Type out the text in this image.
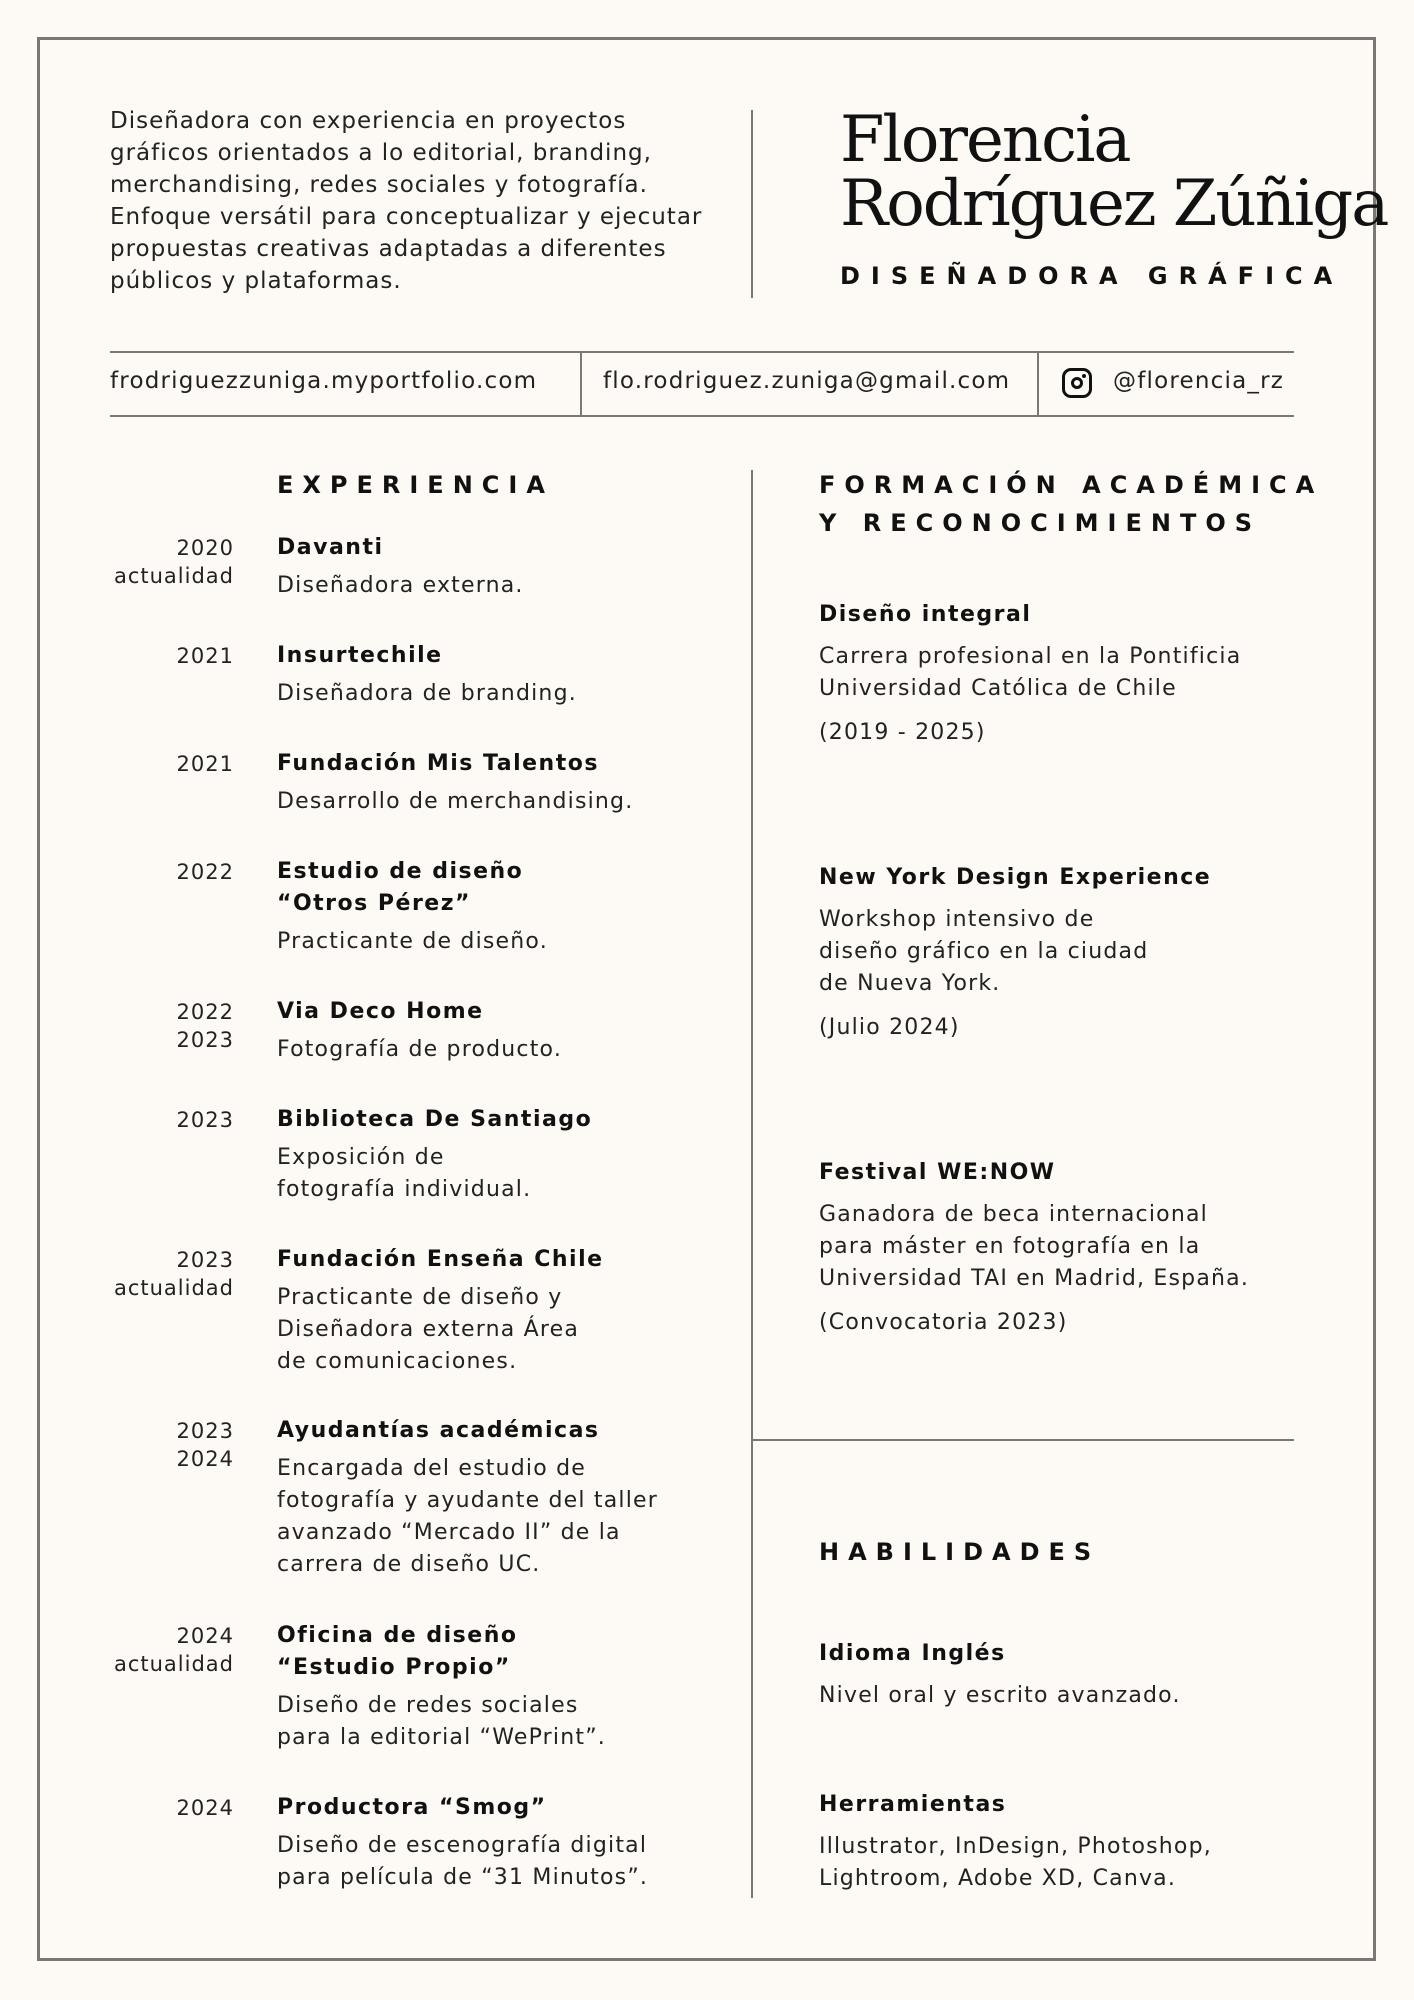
Diseñadora con experiencia en proyectos gráficos orientados a lo editorial, branding, merchandising, redes sociales y fotografía. Enfoque versátil para conceptualizar y ejecutar propuestas creativas adaptadas a diferentes públicos y plataformas.
Florencia
Rodríguez Zúñiga
DISEÑADORA GRÁFICA
frodriguezzuniga.myportfolio.com	flo.rodriguez.zuniga@gmail.com	@florencia_rz
EXPERIENCIA
2020
actualidad
Davanti
Diseñadora externa.
2021 Insurtechile
Diseñadora de branding.
2021 Fundación Mis Talentos
Desarrollo de merchandising.
2022 Estudio de diseño
“Otros Pérez”
Practicante de diseño.
2022
2023
Via Deco Home
Fotografía de producto.
2023 Biblioteca De Santiago
Exposición de
fotografía individual.
2023
actualidad
Fundación Enseña Chile
Practicante de diseño y
Diseñadora externa Área
de comunicaciones.
2023
2024
Ayudantías académicas
Encargada del estudio de
fotografía y ayudante del taller
avanzado “Mercado II” de la
carrera de diseño UC.
2024
actualidad
Oficina de diseño
“Estudio Propio”
Diseño de redes sociales
para la editorial “WePrint”.
2024 Productora “Smog”
Diseño de escenografía digital
para película de “31 Minutos”.
FORMACIÓN ACADÉMICA
Y RECONOCIMIENTOS
Diseño integral
Carrera profesional en la Pontificia
Universidad Católica de Chile
(2019 - 2025)
New York Design Experience
Workshop intensivo de
diseño gráfico en la ciudad
de Nueva York.
(Julio 2024)
Festival WE:NOW
Ganadora de beca internacional
para máster en fotografía en la
Universidad TAI en Madrid, España.
(Convocatoria 2023)
HABILIDADES
Idioma Inglés
Nivel oral y escrito avanzado.
Herramientas
Illustrator, InDesign, Photoshop,
Lightroom, Adobe XD, Canva.
